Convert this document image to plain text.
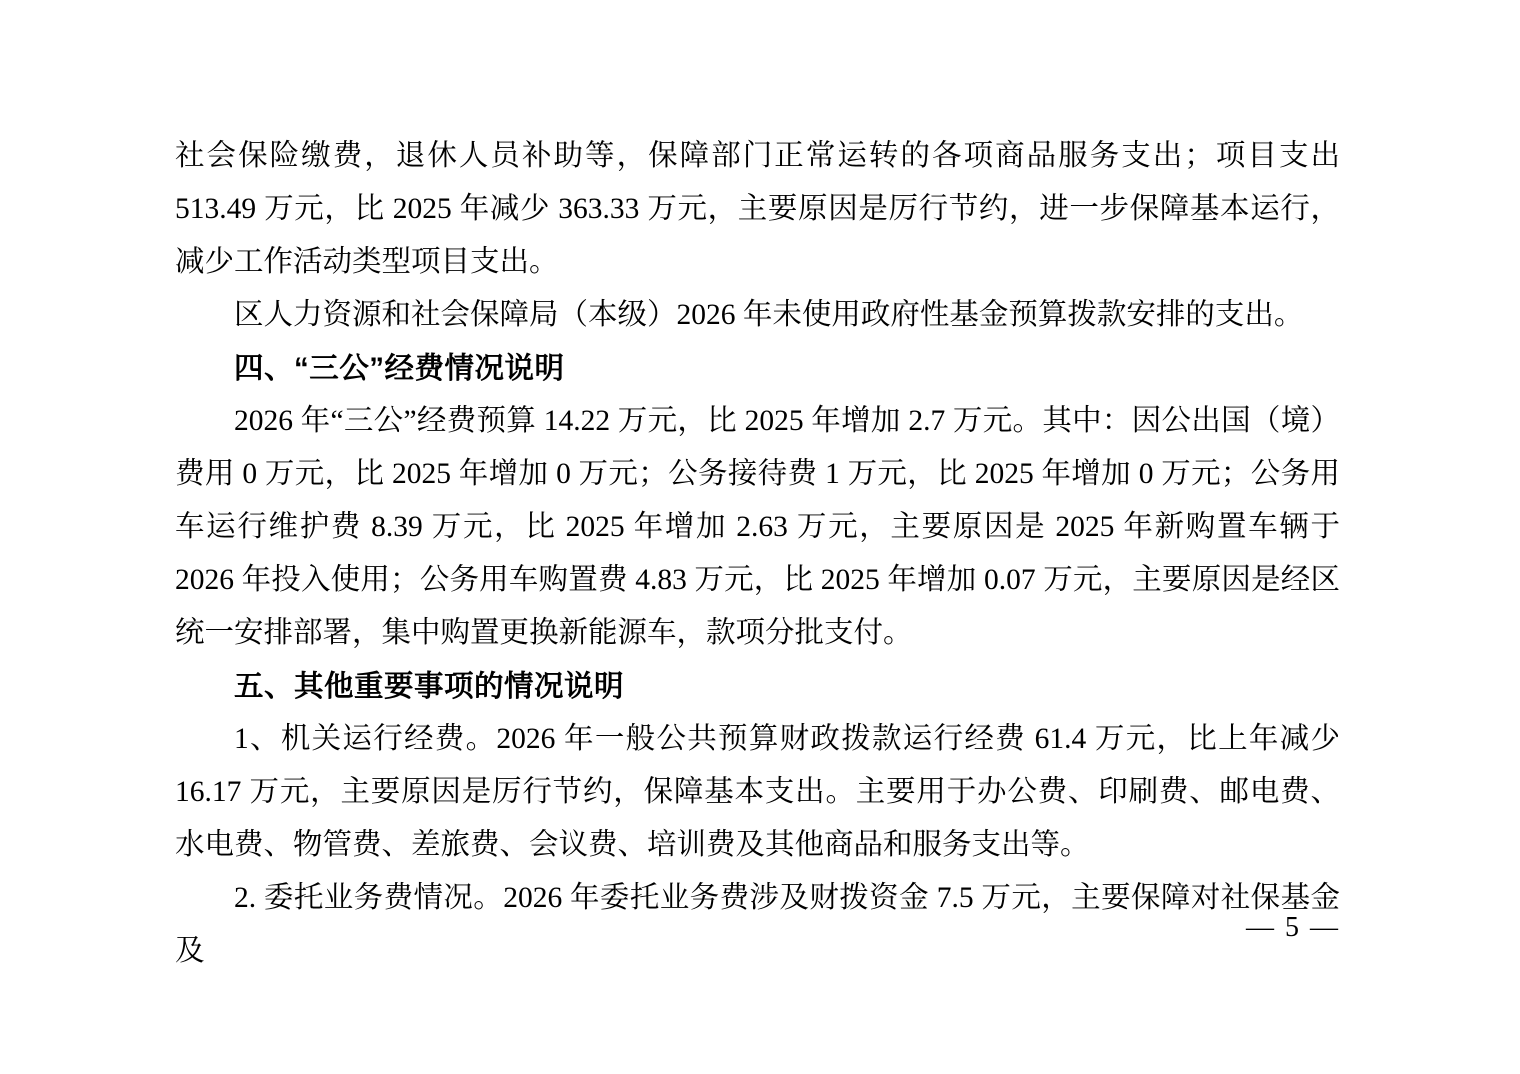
社会保险缴费，退休人员补助等，保障部门正常运转的各项商品服务支出；项目支出 513.49 万元，比 2025 年减少 363.33 万元，主要原因是厉行节约，进一步保障基本运行，减少工作活动类型项目支出。

区人力资源和社会保障局（本级）2026 年未使用政府性基金预算拨款安排的支出。

四、“三公”经费情况说明

2026 年“三公”经费预算 14.22 万元，比 2025 年增加 2.7 万元。其中：因公出国（境）费用 0 万元，比 2025 年增加 0 万元；公务接待费 1 万元，比 2025 年增加 0 万元；公务用车运行维护费 8.39 万元，比 2025 年增加 2.63 万元，主要原因是 2025 年新购置车辆于 2026 年投入使用；公务用车购置费 4.83 万元，比 2025 年增加 0.07 万元，主要原因是经区统一安排部署，集中购置更换新能源车，款项分批支付。

五、其他重要事项的情况说明

1、机关运行经费。2026 年一般公共预算财政拨款运行经费 61.4 万元，比上年减少 16.17 万元，主要原因是厉行节约，保障基本支出。主要用于办公费、印刷费、邮电费、水电费、物管费、差旅费、会议费、培训费及其他商品和服务支出等。

2. 委托业务费情况。2026 年委托业务费涉及财拨资金 7.5 万元，主要保障对社保基金及

— 5 —
